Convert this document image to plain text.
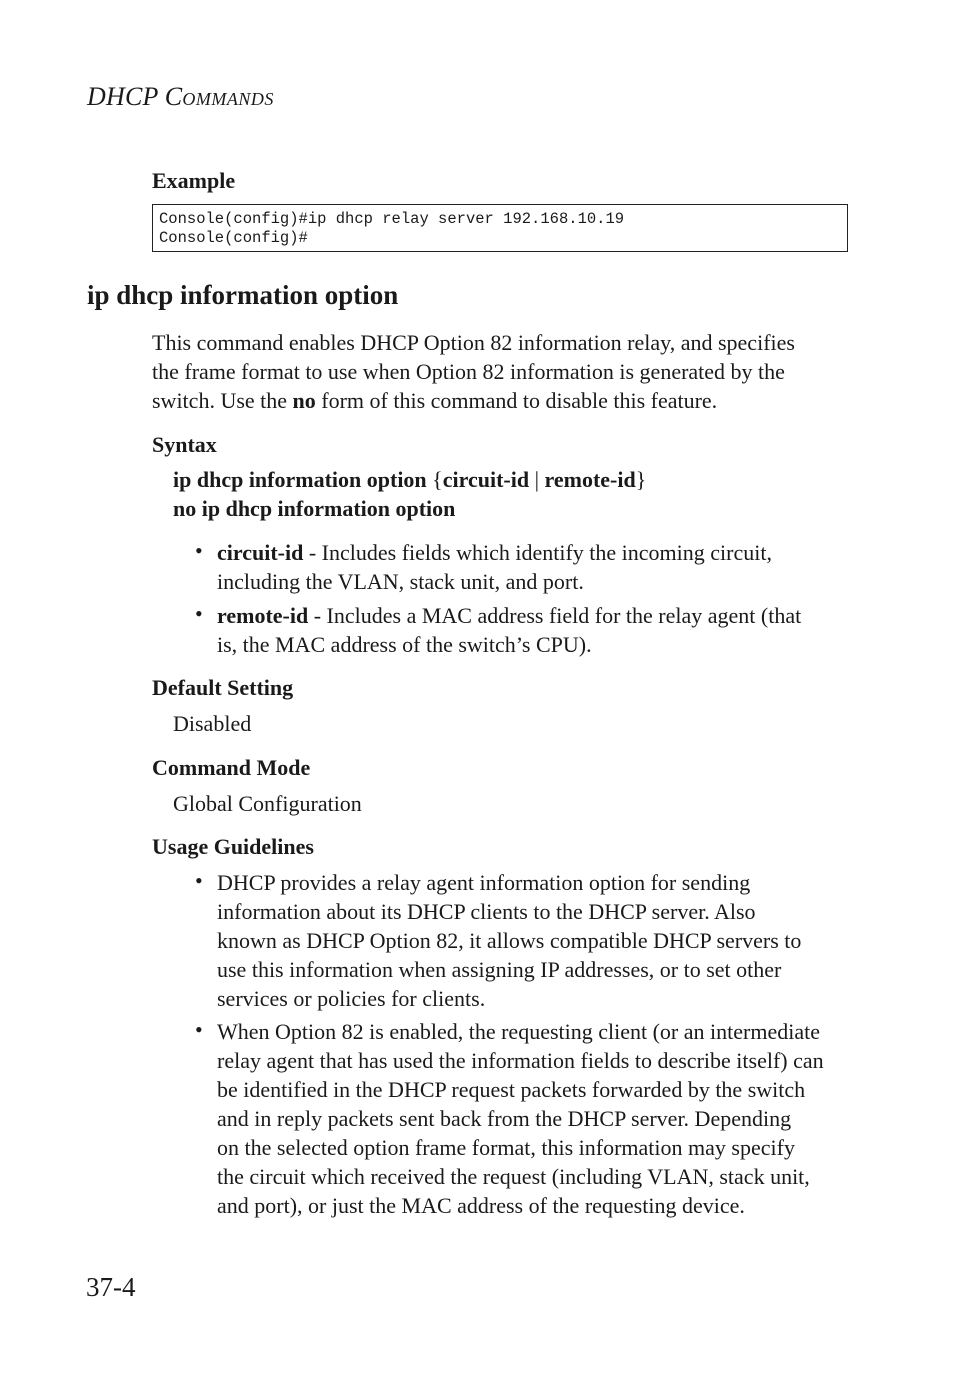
DHCP COMMANDS
Example
Console(config)#ip dhcp relay server 192.168.10.19
Console(config)#
ip dhcp information option
This command enables DHCP Option 82 information relay, and specifies
the frame format to use when Option 82 information is generated by the
switch. Use the no form of this command to disable this feature.
Syntax
ip dhcp information option {circuit-id | remote-id}
no ip dhcp information option
• circuit-id - Includes fields which identify the incoming circuit,
including the VLAN, stack unit, and port.
• remote-id - Includes a MAC address field for the relay agent (that
is, the MAC address of the switch’s CPU).
Default Setting
Disabled
Command Mode
Global Configuration
Usage Guidelines
• DHCP provides a relay agent information option for sending
information about its DHCP clients to the DHCP server. Also
known as DHCP Option 82, it allows compatible DHCP servers to
use this information when assigning IP addresses, or to set other
services or policies for clients.
• When Option 82 is enabled, the requesting client (or an intermediate
relay agent that has used the information fields to describe itself) can
be identified in the DHCP request packets forwarded by the switch
and in reply packets sent back from the DHCP server. Depending
on the selected option frame format, this information may specify
the circuit which received the request (including VLAN, stack unit,
and port), or just the MAC address of the requesting device.
37-4
